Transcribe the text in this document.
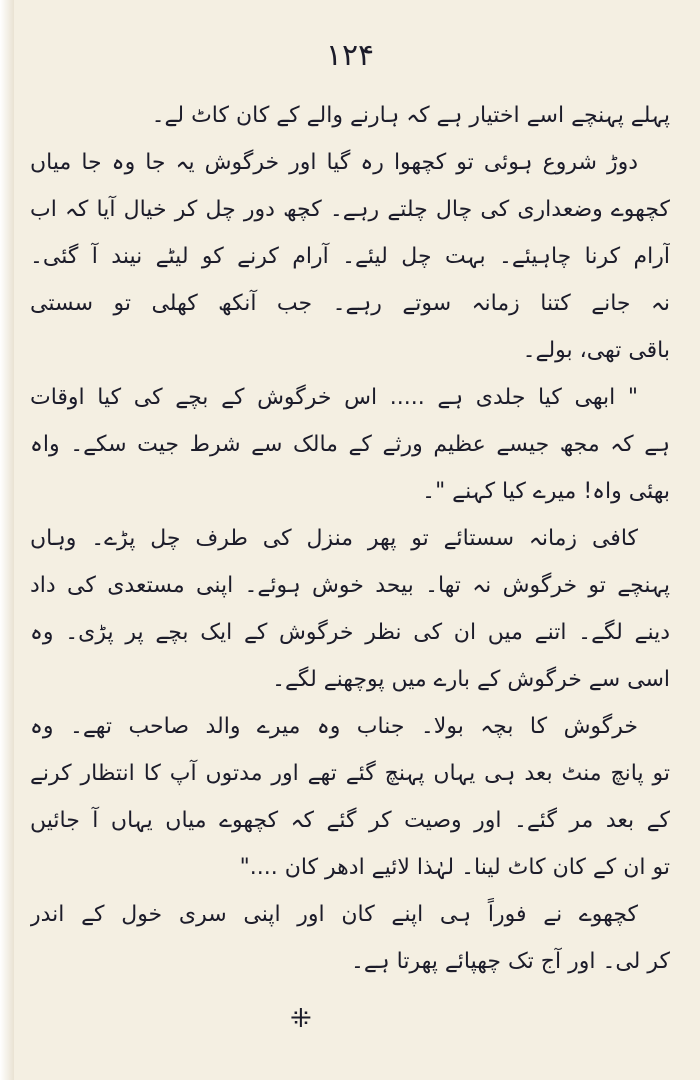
۱۲۴
پہلے پہنچے اسے اختیار ہے کہ ہارنے والے کے کان کاٹ لے۔
دوڑ شروع ہوئی تو کچھوا رہ گیا اور خرگوش یہ جا وہ جا میاں
کچھوے وضعداری کی چال چلتے رہے۔ کچھ دور چل کر خیال آیا کہ اب
آرام کرنا چاہیئے۔ بہت چل لیئے۔ آرام کرنے کو لیٹے نیند آ گئی۔
نہ جانے کتنا زمانہ سوتے رہے۔ جب آنکھ کھلی تو سستی
باقی تھی، بولے۔
" ابھی کیا جلدی ہے ..... اس خرگوش کے بچے کی کیا اوقات
ہے کہ مجھ جیسے عظیم ورثے کے مالک سے شرط جیت سکے۔ واہ
بھئی واہ! میرے کیا کہنے "۔
کافی زمانہ سستائے تو پھر منزل کی طرف چل پڑے۔ وہاں
پہنچے تو خرگوش نہ تھا۔ بیحد خوش ہوئے۔ اپنی مستعدی کی داد
دینے لگے۔ اتنے میں ان کی نظر خرگوش کے ایک بچے پر پڑی۔ وہ
اسی سے خرگوش کے بارے میں پوچھنے لگے۔
خرگوش کا بچہ بولا۔ جناب وہ میرے والد صاحب تھے۔ وہ
تو پانچ منٹ بعد ہی یہاں پہنچ گئے تھے اور مدتوں آپ کا انتظار کرنے
کے بعد مر گئے۔ اور وصیت کر گئے کہ کچھوے میاں یہاں آ جائیں
تو ان کے کان کاٹ لینا۔ لہٰذا لائیے ادھر کان ...."
کچھوے نے فوراً ہی اپنے کان اور اپنی سری خول کے اندر
کر لی۔ اور آج تک چھپائے پھرتا ہے۔
⁜
